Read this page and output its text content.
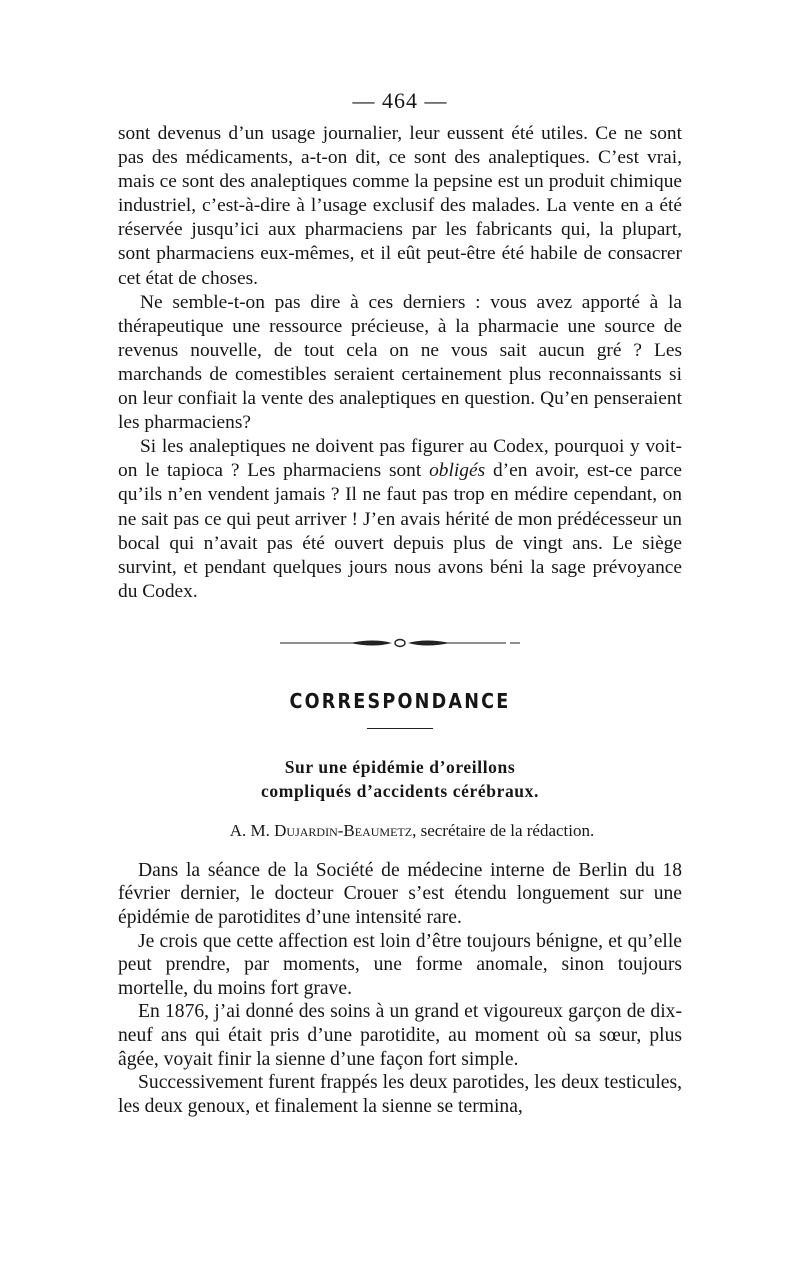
— 464 —

sont devenus d’un usage journalier, leur eussent été utiles. Ce ne sont pas des médicaments, a-t-on dit, ce sont des analeptiques. C’est vrai, mais ce sont des analeptiques comme la pepsine est un produit chimique industriel, c’est-à-dire à l’usage exclusif des malades. La vente en a été réservée jusqu’ici aux pharmaciens par les fabricants qui, la plupart, sont pharmaciens eux-mêmes, et il eût peut-être été habile de consacrer cet état de choses.

Ne semble-t-on pas dire à ces derniers : vous avez apporté à la thérapeutique une ressource précieuse, à la pharmacie une source de revenus nouvelle, de tout cela on ne vous sait aucun gré ? Les marchands de comestibles seraient certainement plus reconnaissants si on leur confiait la vente des analeptiques en question. Qu’en penseraient les pharmaciens?

Si les analeptiques ne doivent pas figurer au Codex, pourquoi y voit-on le tapioca ? Les pharmaciens sont obligés d’en avoir, est-ce parce qu’ils n’en vendent jamais ? Il ne faut pas trop en médire cependant, on ne sait pas ce qui peut arriver ! J’en avais hérité de mon prédécesseur un bocal qui n’avait pas été ouvert depuis plus de vingt ans. Le siège survint, et pendant quelques jours nous avons béni la sage prévoyance du Codex.

CORRESPONDANCE
Sur une épidémie d’oreillons
compliqués d’accidents cérébraux.
A. M. Dujardin-Beaumetz, secrétaire de la rédaction.

Dans la séance de la Société de médecine interne de Berlin du 18 février dernier, le docteur Crouer s’est étendu longuement sur une épidémie de parotidites d’une intensité rare.

Je crois que cette affection est loin d’être toujours bénigne, et qu’elle peut prendre, par moments, une forme anomale, sinon toujours mortelle, du moins fort grave.

En 1876, j’ai donné des soins à un grand et vigoureux garçon de dix-neuf ans qui était pris d’une parotidite, au moment où sa sœur, plus âgée, voyait finir la sienne d’une façon fort simple.

Successivement furent frappés les deux parotides, les deux testicules, les deux genoux, et finalement la sienne se termina,
